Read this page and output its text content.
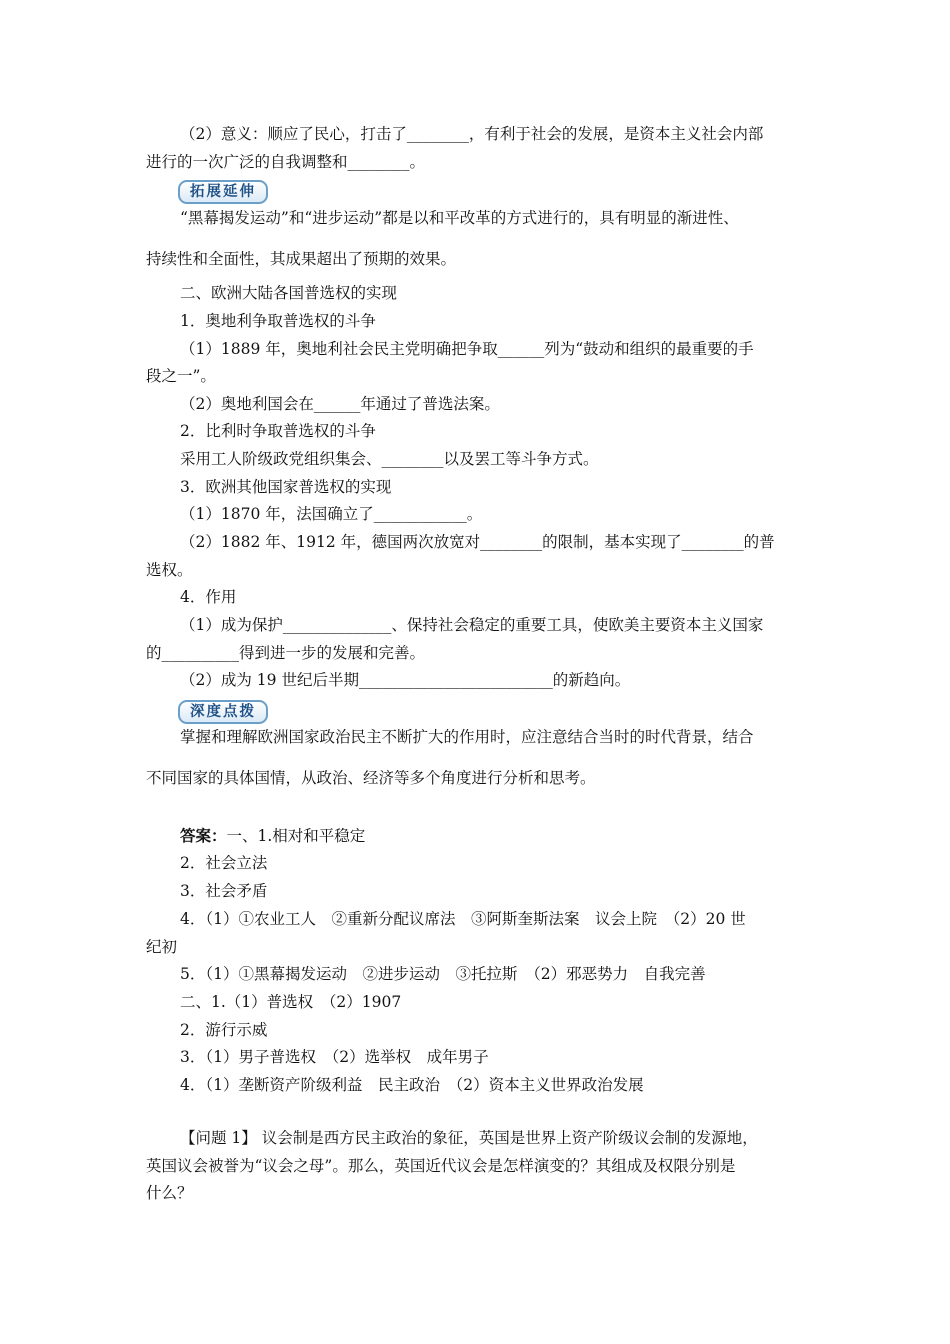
（2）意义：顺应了民心，打击了________，有利于社会的发展，是资本主义社会内部
进行的一次广泛的自我调整和________。
拓展延伸
“黑幕揭发运动”和“进步运动”都是以和平改革的方式进行的，具有明显的渐进性、
持续性和全面性，其成果超出了预期的效果。
二、欧洲大陆各国普选权的实现
1．奥地利争取普选权的斗争
（1）1889 年，奥地利社会民主党明确把争取______列为“鼓动和组织的最重要的手
段之一”。
（2）奥地利国会在______年通过了普选法案。
2．比利时争取普选权的斗争
采用工人阶级政党组织集会、________以及罢工等斗争方式。
3．欧洲其他国家普选权的实现
（1）1870 年，法国确立了____________。
（2）1882 年、1912 年，德国两次放宽对________的限制，基本实现了________的普
选权。
4．作用
（1）成为保护______________、保持社会稳定的重要工具，使欧美主要资本主义国家
的__________得到进一步的发展和完善。
（2）成为 19 世纪后半期_________________________的新趋向。
深度点拨
掌握和理解欧洲国家政治民主不断扩大的作用时，应注意结合当时的时代背景，结合
不同国家的具体国情，从政治、经济等多个角度进行分析和思考。
答案：一、1.相对和平稳定
2．社会立法
3．社会矛盾
4．（1）①农业工人　②重新分配议席法　③阿斯奎斯法案　议会上院　（2）20 世
纪初
5．（1）①黑幕揭发运动　②进步运动　③托拉斯　（2）邪恶势力　自我完善
二、1.（1）普选权　（2）1907
2．游行示威
3．（1）男子普选权　（2）选举权　成年男子
4．（1）垄断资产阶级利益　民主政治　（2）资本主义世界政治发展
【问题 1】 议会制是西方民主政治的象征，英国是世界上资产阶级议会制的发源地，
英国议会被誉为“议会之母”。那么，英国近代议会是怎样演变的？其组成及权限分别是
什么？
